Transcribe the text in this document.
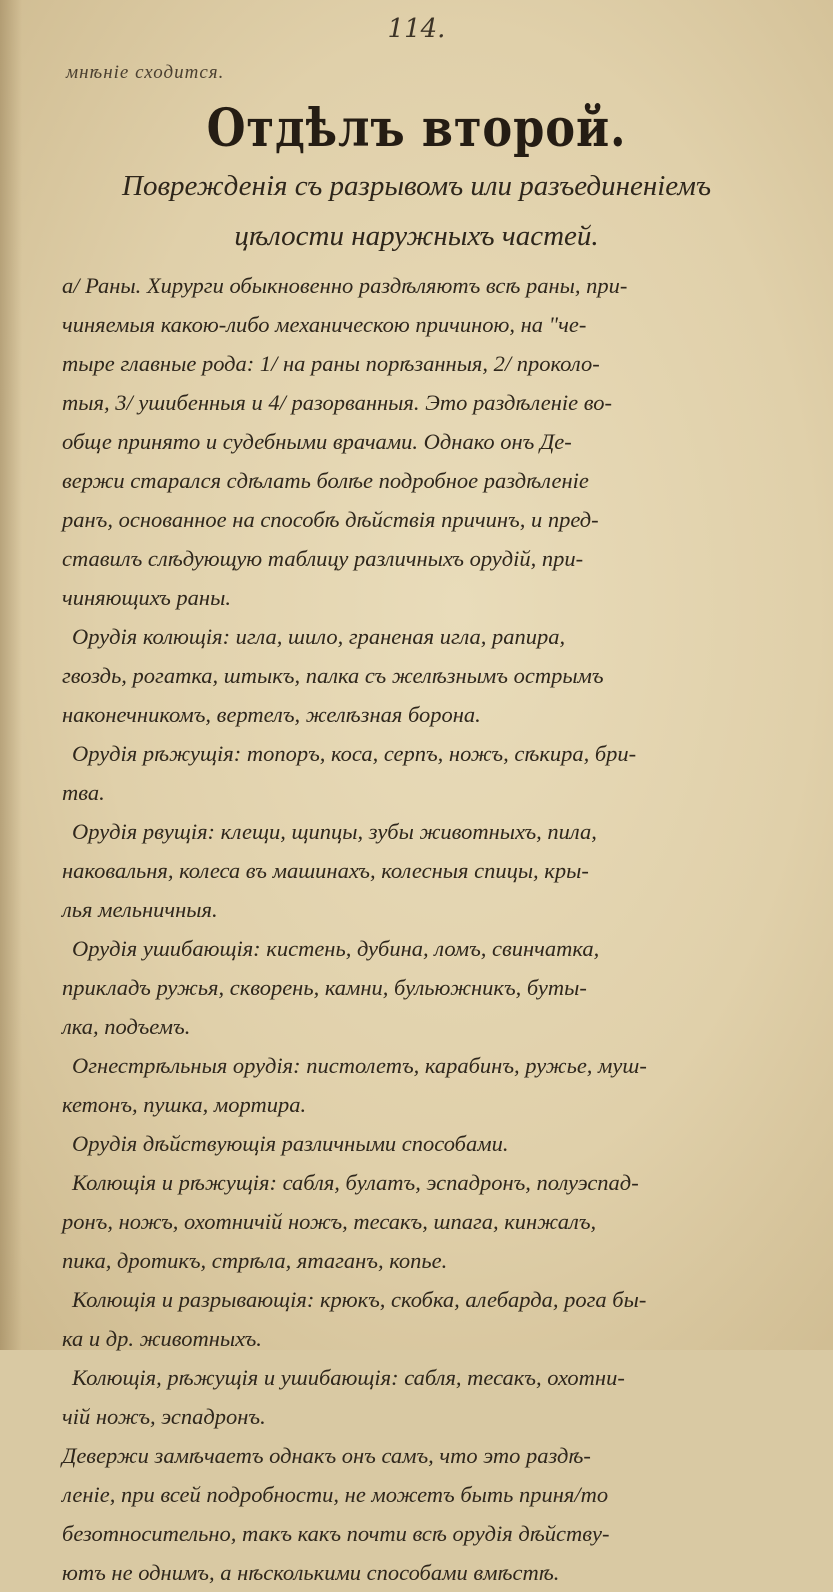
114.
мнѣніе сходится.
Отдѣлъ второй.
Поврежденія съ разрывомъ или разъединеніемъ
цѣлости наружныхъ частей.
а/ Раны. Хирурги обыкновенно раздѣляютъ всѣ раны, при-
чиняемыя какою-либо механическою причиною, на "че-
тыре главные рода: 1/ на раны порѣзанныя, 2/ проколо-
тыя, 3/ ушибенныя и 4/ разорванныя. Это раздѣленіе во-
обще принято и судебными врачами. Однако онъ Де-
вержи старался сдѣлать болѣе подробное раздѣленіе
ранъ, основанное на способѣ дѣйствія причинъ, и пред-
ставилъ слѣдующую таблицу различныхъ орудій, при-
чиняющихъ раны.
Орудія колющія: игла, шило, граненая игла, рапира,
гвоздь, рогатка, штыкъ, палка съ желѣзнымъ острымъ
наконечникомъ, вертелъ, желѣзная борона.
Орудія рѣжущія: топоръ, коса, серпъ, ножъ, сѣкира, бри-
тва.
Орудія рвущія: клещи, щипцы, зубы животныхъ, пила,
наковальня, колеса въ машинахъ, колесныя спицы, кры-
лья мельничныя.
Орудія ушибающія: кистень, дубина, ломъ, свинчатка,
прикладъ ружья, скворень, камни, бульюжникъ, буты-
лка, подъемъ.
Огнестрѣльныя орудія: пистолетъ, карабинъ, ружье, муш-
кетонъ, пушка, мортира.
Орудія дѣйствующія различными способами.
Колющія и рѣжущія: сабля, булатъ, эспадронъ, полуэспад-
ронъ, ножъ, охотничій ножъ, тесакъ, шпага, кинжалъ,
пика, дротикъ, стрѣла, ятаганъ, копье.
Колющія и разрывающія: крюкъ, скобка, алебарда, рога бы-
ка и др. животныхъ.
Колющія, рѣжущія и ушибающія: сабля, тесакъ, охотни-
чій ножъ, эспадронъ.
Девержи замѣчаетъ однакъ онъ самъ, что это раздѣ-
леніе, при всей подробности, не можетъ быть приня/то
безотносительно, такъ какъ почти всѣ орудія дѣйству-
ютъ не однимъ, а нѣсколькими способами вмѣстѣ.
